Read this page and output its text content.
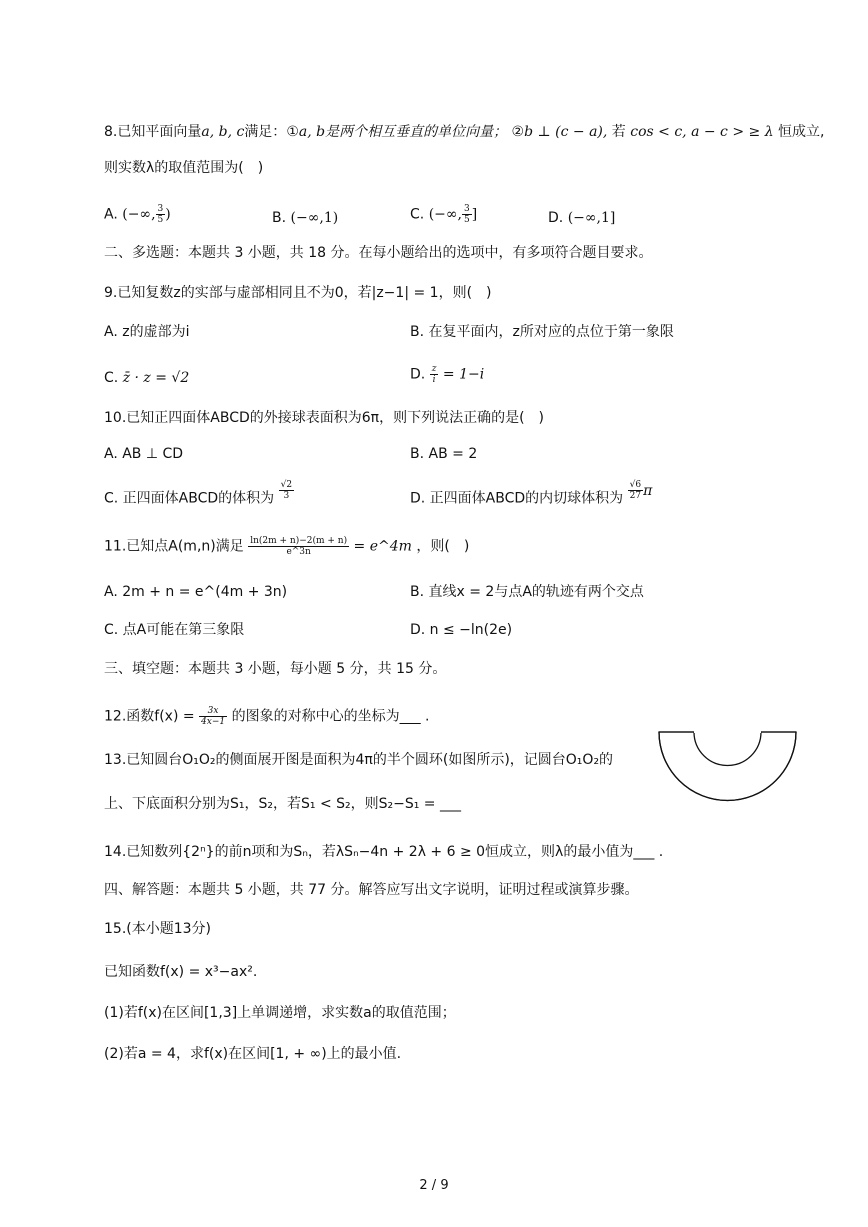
8.已知平面向量a, b, c满足：①a, b是两个相互垂直的单位向量； ②b ⊥ (c − a), 若 cos < c, a − c > ≥ λ 恒成立,
则实数λ的取值范围为(　)
A. (−∞, $\frac{3}{5}$ )	B. (−∞,1)	C. (−∞, $\frac{3}{5}$ ]	D. (−∞,1]
二、多选题：本题共 3 小题，共 18 分。在每小题给出的选项中，有多项符合题目要求。
9.已知复数z的实部与虚部相同且不为0，若|z−1| = 1，则(　)
A. z的虚部为i	B. 在复平面内，z所对应的点位于第一象限
C. z̄ · z = √2	D. $\frac{z}{i} = 1-i$
10.已知正四面体ABCD的外接球表面积为6π，则下列说法正确的是(　)
A. AB ⊥ CD	B. AB = 2
C. 正四面体ABCD的体积为 $\frac{√2}{3}$	D. 正四面体ABCD的内切球体积为 $\frac{√6}{27}$ π
11.已知点A(m,n)满足 $\frac{\ln(2m + n)-2(m + n)}{e\^{}3n}$ = e^4m ，则(　)
A. 2m + n = e^(4m + 3n)	B. 直线x = 2与点A的轨迹有两个交点
C. 点A可能在第三象限	D. n ≤ −ln(2e)
三、填空题：本题共 3 小题，每小题 5 分，共 15 分。
12.函数$f(x) = \frac{3x}{4x-1}$ 的图象的对称中心的坐标为___ .
13.已知圆台O₁O₂的侧面展开图是面积为4π的半个圆环(如图所示)，记圆台O₁O₂的
上、下底面积分别为S₁，S₂，若S₁ < S₂，则S₂−S₁ = ___
14.已知数列{2ⁿ}的前n项和为Sₙ，若λSₙ−4n + 2λ + 6 ≥ 0恒成立，则λ的最小值为___ .
四、解答题：本题共 5 小题，共 77 分。解答应写出文字说明，证明过程或演算步骤。
15.(本小题13分)
已知函数f(x) = x³−ax².
(1)若f(x)在区间[1,3]上单调递增，求实数a的取值范围；
(2)若a = 4，求f(x)在区间[1, + ∞)上的最小值.
2 / 9
